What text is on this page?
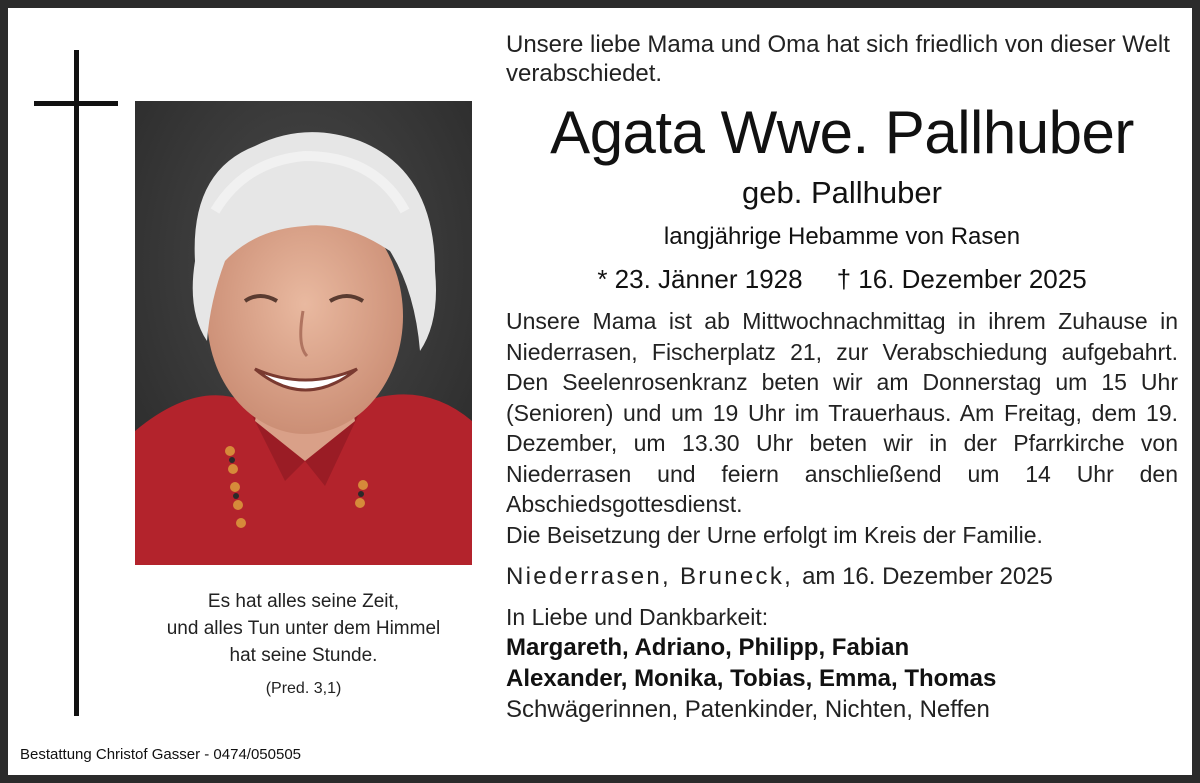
Es hat alles seine Zeit,
und alles Tun unter dem Himmel
hat seine Stunde.
(Pred. 3,1)
Bestattung Christof Gasser - 0474/050505
Unsere liebe Mama und Oma hat sich friedlich von dieser Welt verabschiedet.
Agata Wwe. Pallhuber
geb. Pallhuber
langjährige Hebamme von Rasen
* 23. Jänner 1928 † 16. Dezember 2025
Unsere Mama ist ab Mittwochnachmittag in ihrem Zuhause in Niederrasen, Fischerplatz 21, zur Verabschiedung aufgebahrt. Den Seelenrosenkranz beten wir am Donnerstag um 15 Uhr (Senioren) und um 19 Uhr im Trauerhaus. Am Freitag, dem 19. Dezember, um 13.30 Uhr beten wir in der Pfarrkirche von Niederrasen und feiern anschließend um 14 Uhr den Abschiedsgottesdienst.
Die Beisetzung der Urne erfolgt im Kreis der Familie.
Niederrasen, Bruneck, am 16. Dezember 2025
In Liebe und Dankbarkeit:
Margareth, Adriano, Philipp, Fabian
Alexander, Monika, Tobias, Emma, Thomas
Schwägerinnen, Patenkinder, Nichten, Neffen
